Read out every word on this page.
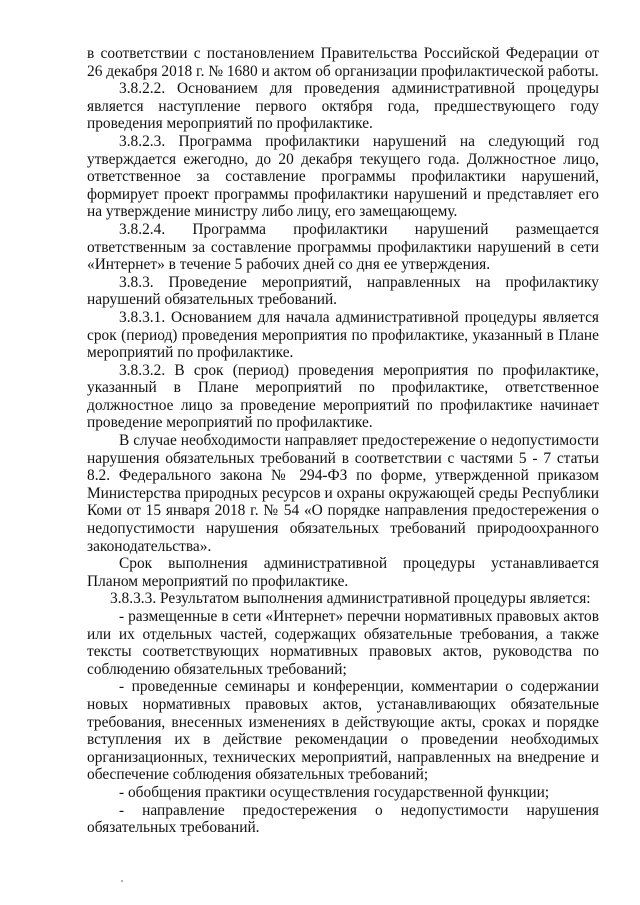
в соответствии с постановлением Правительства Российской Федерации от 26 декабря 2018 г. № 1680 и актом об организации профилактической работы.

3.8.2.2. Основанием для проведения административной процедуры является наступление первого октября года, предшествующего году проведения мероприятий по профилактике.

3.8.2.3. Программа профилактики нарушений на следующий год утверждается ежегодно, до 20 декабря текущего года. Должностное лицо, ответственное за составление программы профилактики нарушений, формирует проект программы профилактики нарушений и представляет его на утверждение министру либо лицу, его замещающему.

3.8.2.4. Программа профилактики нарушений размещается ответственным за составление программы профилактики нарушений в сети «Интернет» в течение 5 рабочих дней со дня ее утверждения.

3.8.3. Проведение мероприятий, направленных на профилактику нарушений обязательных требований.

3.8.3.1. Основанием для начала административной процедуры является срок (период) проведения мероприятия по профилактике, указанный в Плане мероприятий по профилактике.

3.8.3.2. В срок (период) проведения мероприятия по профилактике, указанный в Плане мероприятий по профилактике, ответственное должностное лицо за проведение мероприятий по профилактике начинает проведение мероприятий по профилактике.

В случае необходимости направляет предостережение о недопустимости нарушения обязательных требований в соответствии с частями 5 - 7 статьи 8.2. Федерального закона № 294-ФЗ по форме, утвержденной приказом Министерства природных ресурсов и охраны окружающей среды Республики Коми от 15 января 2018 г. № 54 «О порядке направления предостережения о недопустимости нарушения обязательных требований природоохранного законодательства».

Срок выполнения административной процедуры устанавливается Планом мероприятий по профилактике.

3.8.3.3. Результатом выполнения административной процедуры является:

- размещенные в сети «Интернет» перечни нормативных правовых актов или их отдельных частей, содержащих обязательные требования, а также тексты соответствующих нормативных правовых актов, руководства по соблюдению обязательных требований;

- проведенные семинары и конференции, комментарии о содержании новых нормативных правовых актов, устанавливающих обязательные требования, внесенных изменениях в действующие акты, сроках и порядке вступления их в действие рекомендации о проведении необходимых организационных, технических мероприятий, направленных на внедрение и обеспечение соблюдения обязательных требований;

- обобщения практики осуществления государственной функции;

- направление предостережения о недопустимости нарушения обязательных требований.
